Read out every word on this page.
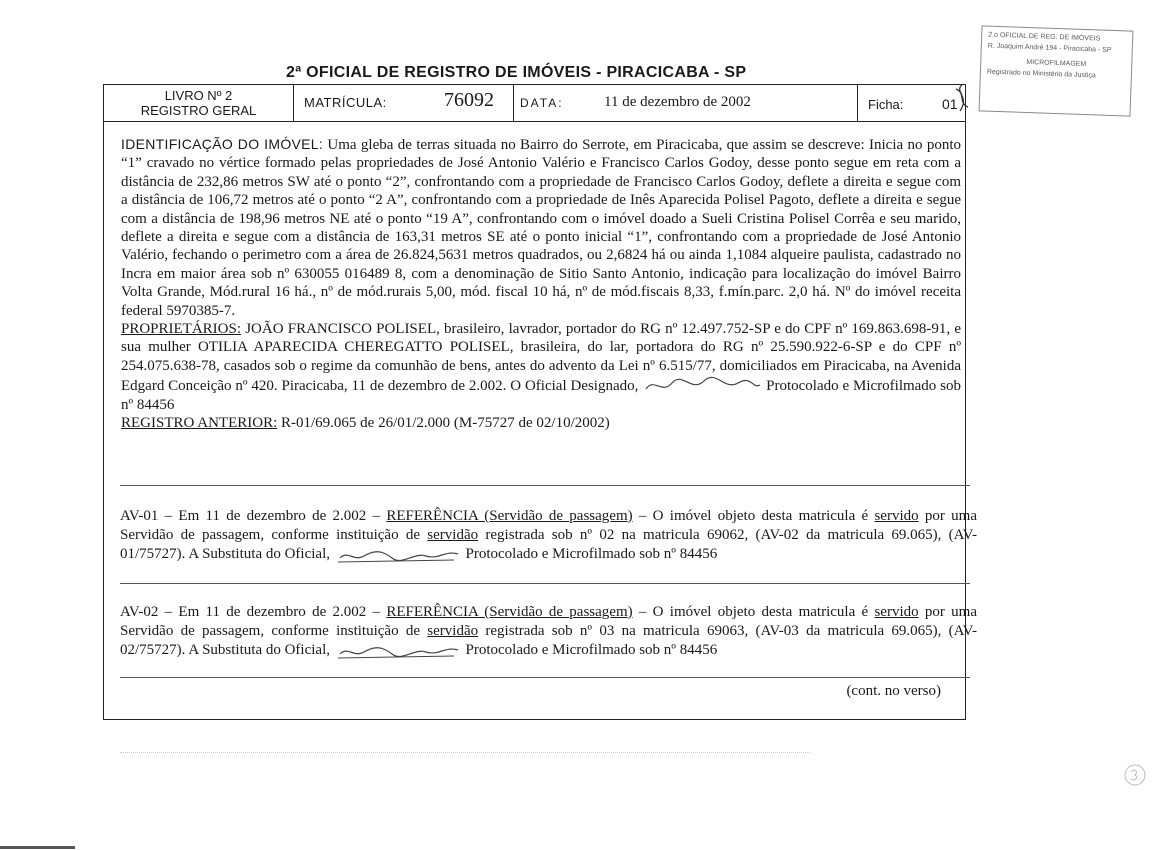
2.o OFICIAL DE REG. DE IMÓVEIS
R. Joaquim André 194 - Piracicaba - SP
MICROFILMAGEM
Registrado no Ministério da Justiça
2ª OFICIAL DE REGISTRO DE IMÓVEIS - PIRACICABA - SP
LIVRO Nº 2
REGISTRO GERAL
MATRÍCULA:	76092 DATA:	11 de dezembro de 2002	Ficha:	01

IDENTIFICAÇÃO DO IMÓVEL: Uma gleba de terras situada no Bairro do Serrote, em Piracicaba, que assim se descreve: Inicia no ponto “1” cravado no vértice formado pelas propriedades de José Antonio Valério e Francisco Carlos Godoy, desse ponto segue em reta com a distância de 232,86 metros SW até o ponto “2”, confrontando com a propriedade de Francisco Carlos Godoy, deflete a direita e segue com a distância de 106,72 metros até o ponto “2 A”, confrontando com a propriedade de Inês Aparecida Polisel Pagoto, deflete a direita e segue com a distância de 198,96 metros NE até o ponto “19 A”, confrontando com o imóvel doado a Sueli Cristina Polisel Corrêa e seu marido, deflete a direita e segue com a distância de 163,31 metros SE até o ponto inicial “1”, confrontando com a propriedade de José Antonio Valério, fechando o perimetro com a área de 26.824,5631 metros quadrados, ou 2,6824 há ou ainda 1,1084 alqueire paulista, cadastrado no Incra em maior área sob nº 630055 016489 8, com a denominação de Sitio Santo Antonio, indicação para localização do imóvel Bairro Volta Grande, Mód.rural 16 há., nº de mód.rurais 5,00, mód. fiscal 10 há, nº de mód.fiscais 8,33, f.mín.parc. 2,0 há. Nº do imóvel receita federal 5970385-7.

PROPRIETÁRIOS: JOÃO FRANCISCO POLISEL, brasileiro, lavrador, portador do RG nº 12.497.752-SP e do CPF nº 169.863.698-91, e sua mulher OTILIA APARECIDA CHEREGATTO POLISEL, brasileira, do lar, portadora do RG nº 25.590.922-6-SP e do CPF nº 254.075.638-78, casados sob o regime da comunhão de bens, antes do advento da Lei nº 6.515/77, domiciliados em Piracicaba, na Avenida Edgard Conceição nº 420. Piracicaba, 11 de dezembro de 2.002. O Oficial Designado,	Protocolado e Microfilmado sob nº 84456

REGISTRO ANTERIOR: R-01/69.065 de 26/01/2.000 (M-75727 de 02/10/2002)

AV-01 – Em 11 de dezembro de 2.002 – REFERÊNCIA (Servidão de passagem) – O imóvel objeto desta matricula é servido por uma Servidão de passagem, conforme instituição de servidão registrada sob nº 02 na matricula 69062, (AV-02 da matricula 69.065), (AV-01/75727). A Substituta do Oficial,	Protocolado e Microfilmado sob nº 84456

AV-02 – Em 11 de dezembro de 2.002 – REFERÊNCIA (Servidão de passagem) – O imóvel objeto desta matricula é servido por uma Servidão de passagem, conforme instituição de servidão registrada sob nº 03 na matricula 69063, (AV-03 da matricula 69.065), (AV-02/75727). A Substituta do Oficial,	Protocolado e Microfilmado sob nº 84456

(cont. no verso)
